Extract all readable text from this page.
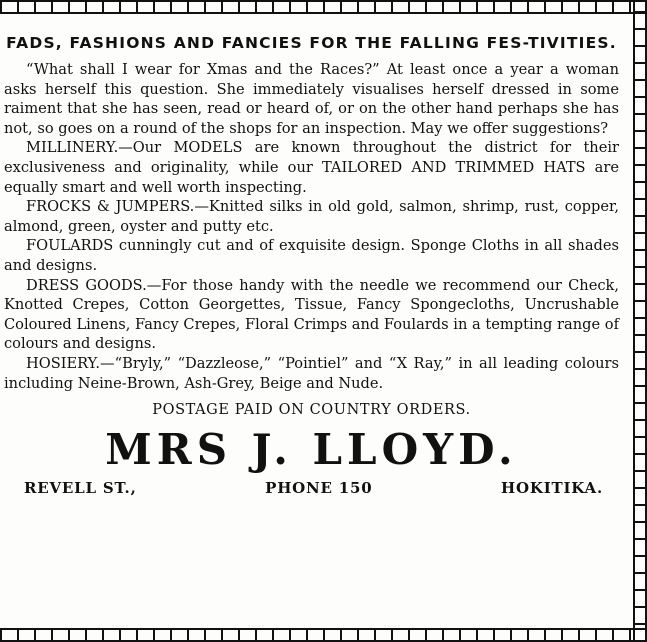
FADS, FASHIONS AND FANCIES FOR THE FALLING FES-TIVITIES.

“What shall I wear for Xmas and the Races?” At least once a year a woman asks herself this question. She immediately visualises herself dressed in some raiment that she has seen, read or heard of, or on the other hand perhaps she has not, so goes on a round of the shops for an inspection. May we offer suggestions?

MILLINERY.—Our MODELS are known throughout the district for their exclusiveness and originality, while our TAILORED AND TRIMMED HATS are equally smart and well worth inspecting.

FROCKS & JUMPERS.—Knitted silks in old gold, salmon, shrimp, rust, copper, almond, green, oyster and putty etc.

FOULARDS cunningly cut and of exquisite design. Sponge Cloths in all shades and designs.

DRESS GOODS.—For those handy with the needle we recommend our Check, Knotted Crepes, Cotton Georgettes, Tissue, Fancy Spongecloths, Uncrushable Coloured Linens, Fancy Crepes, Floral Crimps and Foulards in a tempting range of colours and designs.

HOSIERY.—“Bryly,” “Dazzleose,” “Pointiel” and “X Ray,” in all leading colours including Neine-Brown, Ash-Grey, Beige and Nude.

POSTAGE PAID ON COUNTRY ORDERS.
MRS J. LLOYD.
REVELL ST.,	PHONE 150	HOKITIKA.
